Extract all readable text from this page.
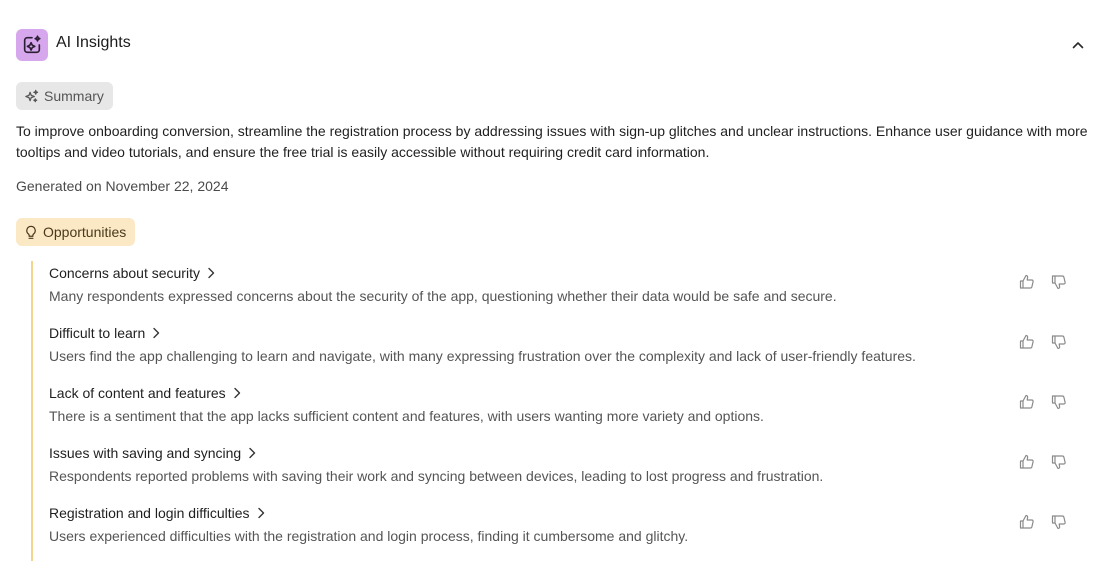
AI Insights
Summary
To improve onboarding conversion, streamline the registration process by addressing issues with sign-up glitches and unclear instructions. Enhance user guidance with more tooltips and video tutorials, and ensure the free trial is easily accessible without requiring credit card information.
Generated on November 22, 2024
Opportunities
Concerns about security
Many respondents expressed concerns about the security of the app, questioning whether their data would be safe and secure.
Difficult to learn
Users find the app challenging to learn and navigate, with many expressing frustration over the complexity and lack of user-friendly features.
Lack of content and features
There is a sentiment that the app lacks sufficient content and features, with users wanting more variety and options.
Issues with saving and syncing
Respondents reported problems with saving their work and syncing between devices, leading to lost progress and frustration.
Registration and login difficulties
Users experienced difficulties with the registration and login process, finding it cumbersome and glitchy.
